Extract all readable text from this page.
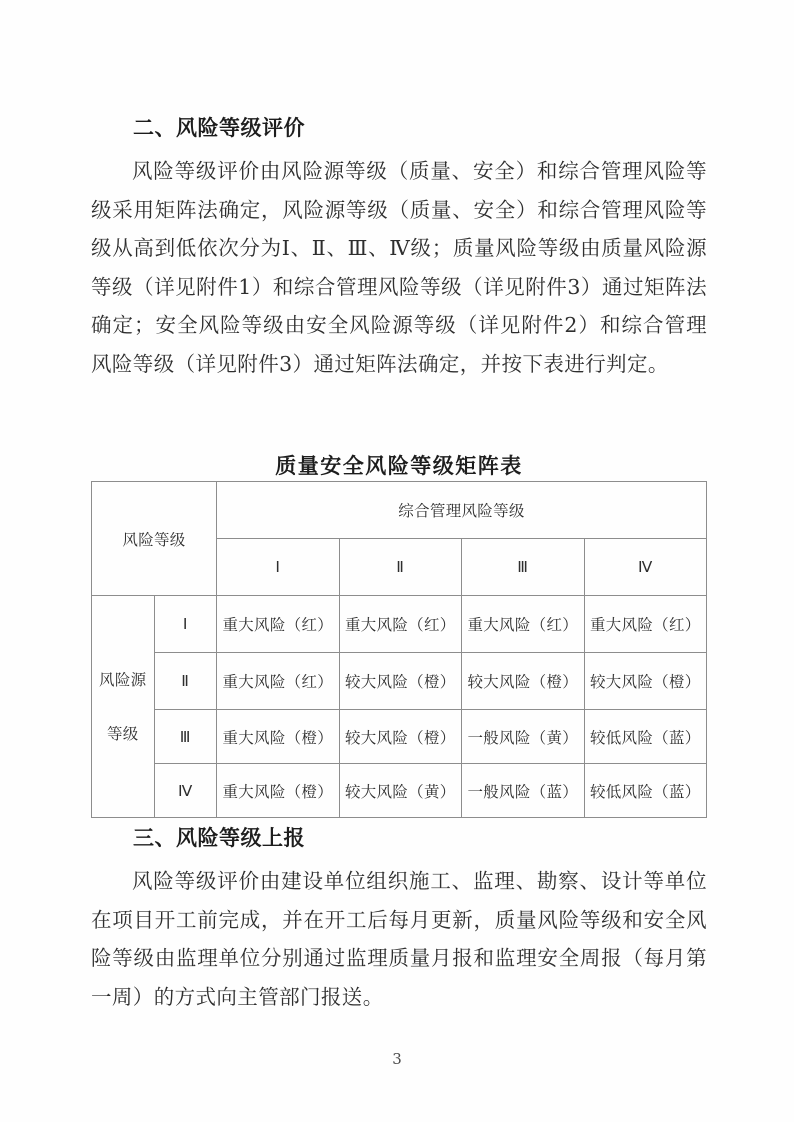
二、风险等级评价
风险等级评价由风险源等级（质量、安全）和综合管理风险等级采用矩阵法确定，风险源等级（质量、安全）和综合管理风险等级从高到低依次分为Ⅰ、Ⅱ、Ⅲ、Ⅳ级；质量风险等级由质量风险源等级（详见附件1）和综合管理风险等级（详见附件3）通过矩阵法确定；安全风险等级由安全风险源等级（详见附件2）和综合管理风险等级（详见附件3）通过矩阵法确定，并按下表进行判定。
质量安全风险等级矩阵表
风险等级		综合管理风险等级			
		Ⅰ	Ⅱ	Ⅲ	Ⅳ

风险源
等级	Ⅰ	重大风险（红）	重大风险（红）	重大风险（红）	重大风险（红）
	Ⅱ	重大风险（红）	较大风险（橙）	较大风险（橙）	较大风险（橙）
	Ⅲ	重大风险（橙）	较大风险（橙）	一般风险（黄）	较低风险（蓝）
	Ⅳ	重大风险（橙）	较大风险（黄）	一般风险（蓝）	较低风险（蓝）
三、风险等级上报
风险等级评价由建设单位组织施工、监理、勘察、设计等单位在项目开工前完成，并在开工后每月更新，质量风险等级和安全风险等级由监理单位分别通过监理质量月报和监理安全周报（每月第一周）的方式向主管部门报送。
3
